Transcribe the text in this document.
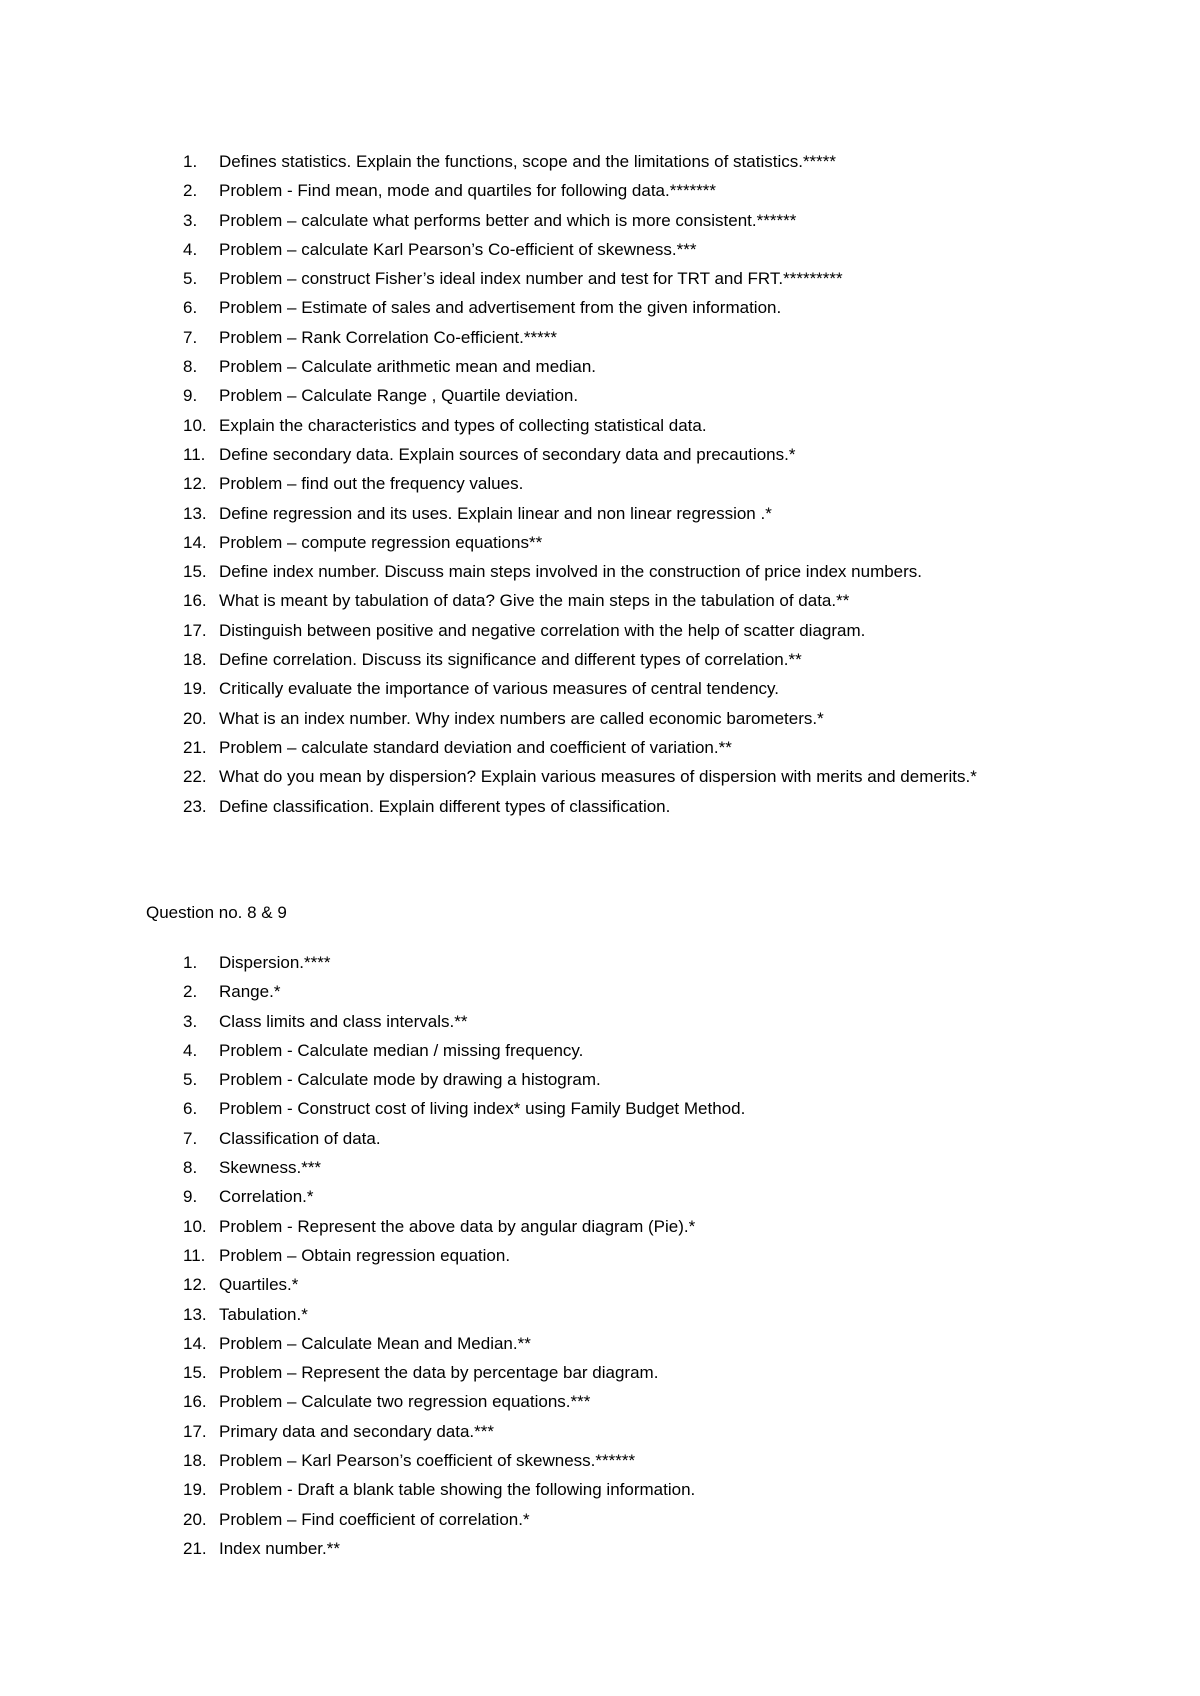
1.	Defines statistics. Explain the functions, scope and the limitations of statistics.*****
2.	Problem - Find mean, mode and quartiles for following data.*******
3.	Problem – calculate what performs better and which is more consistent.******
4.	Problem – calculate Karl Pearson’s Co-efficient of skewness.***
5.	Problem – construct Fisher’s ideal index number and test for TRT and FRT.*********
6.	Problem – Estimate of sales and advertisement from the given information.
7.	Problem – Rank Correlation Co-efficient.*****
8.	Problem – Calculate arithmetic mean and median.
9.	Problem – Calculate Range , Quartile deviation.
10. Explain the characteristics and types of collecting statistical data.
11. Define secondary data. Explain sources of secondary data and precautions.*
12. Problem – find out the frequency values.
13. Define regression and its uses. Explain linear and non linear regression .*
14. Problem – compute regression equations**
15. Define index number. Discuss main steps involved in the construction of price index numbers.
16. What is meant by tabulation of data? Give the main steps in the tabulation of data.**
17. Distinguish between positive and negative correlation with the help of scatter diagram.
18. Define correlation. Discuss its significance and different types of correlation.**
19. Critically evaluate the importance of various measures of central tendency.
20. What is an index number. Why index numbers are called economic barometers.*
21. Problem – calculate standard deviation and coefficient of variation.**
22. What do you mean by dispersion? Explain various measures of dispersion with merits and demerits.*
23. Define classification. Explain different types of classification.

Question no. 8 & 9

1.	Dispersion.****
2.	Range.*
3.	Class limits and class intervals.**
4.	Problem - Calculate median / missing frequency.
5.	Problem - Calculate mode by drawing a histogram.
6.	Problem - Construct cost of living index* using Family Budget Method.
7.	Classification of data.
8.	Skewness.***
9.	Correlation.*
10. Problem - Represent the above data by angular diagram (Pie).*
11. Problem – Obtain regression equation.
12. Quartiles.*
13. Tabulation.*
14. Problem – Calculate Mean and Median.**
15. Problem – Represent the data by percentage bar diagram.
16. Problem – Calculate two regression equations.***
17. Primary data and secondary data.***
18. Problem – Karl Pearson’s coefficient of skewness.******
19. Problem - Draft a blank table showing the following information.
20. Problem – Find coefficient of correlation.*
21. Index number.**
